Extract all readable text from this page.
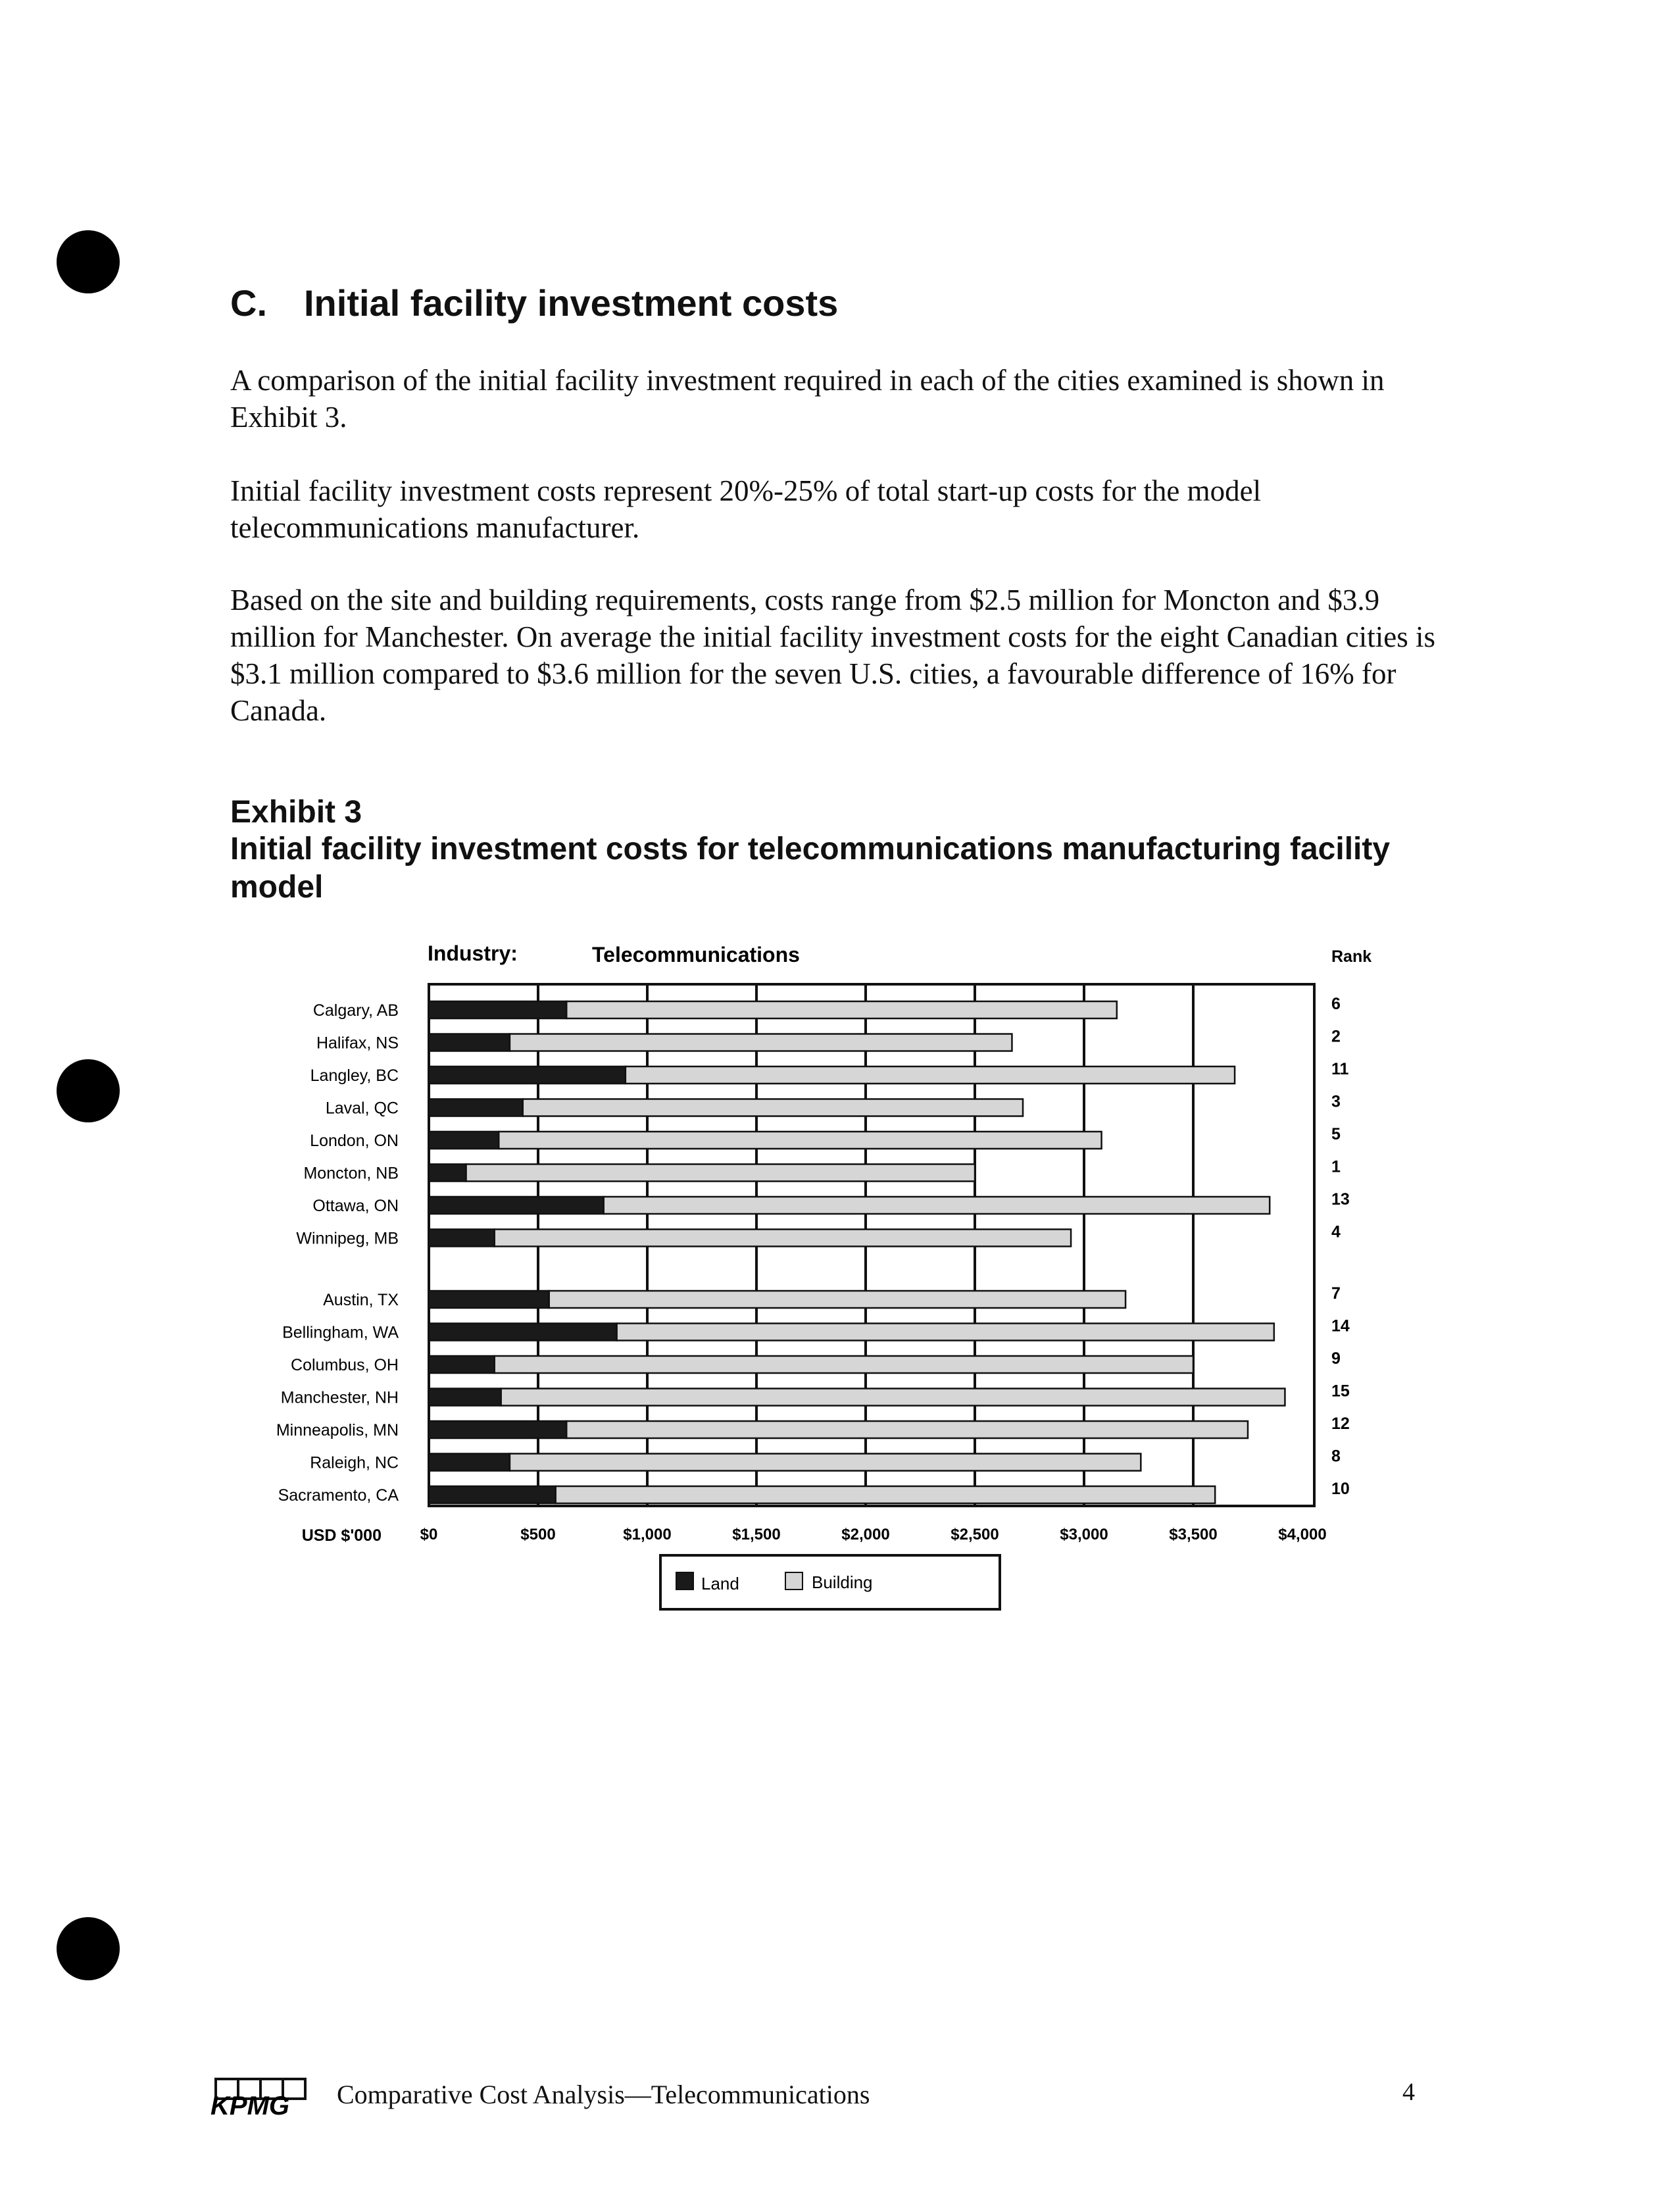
C. Initial facility investment costs

A comparison of the initial facility investment required in each of the cities examined is shown in Exhibit 3.

Initial facility investment costs represent 20%-25% of total start-up costs for the model telecommunications manufacturer.

Based on the site and building requirements, costs range from $2.5 million for Moncton and $3.9 million for Manchester. On average the initial facility investment costs for the eight Canadian cities is $3.1 million compared to $3.6 million for the seven U.S. cities, a favourable difference of 16% for Canada.

Exhibit 3
Initial facility investment costs for telecommunications manufacturing facility model
$0	$500	$1,000	$1,500	$2,000	$2,500	$3,000	$3,500	$4,000
USD $'000
Industry:	Telecommunications	Rank
Calgary, AB	6
Halifax, NS	2
Langley, BC	11
Laval, QC	3
London, ON	5
Moncton, NB	1
Ottawa, ON	13
Winnipeg, MB	4
Austin, TX	7
Bellingham, WA	14
Columbus, OH	9
Manchester, NH	15
Minneapolis, MN	12
Raleigh, NC	8
Sacramento, CA	10
Land	Building
KPMG Comparative Cost Analysis—Telecommunications	4
